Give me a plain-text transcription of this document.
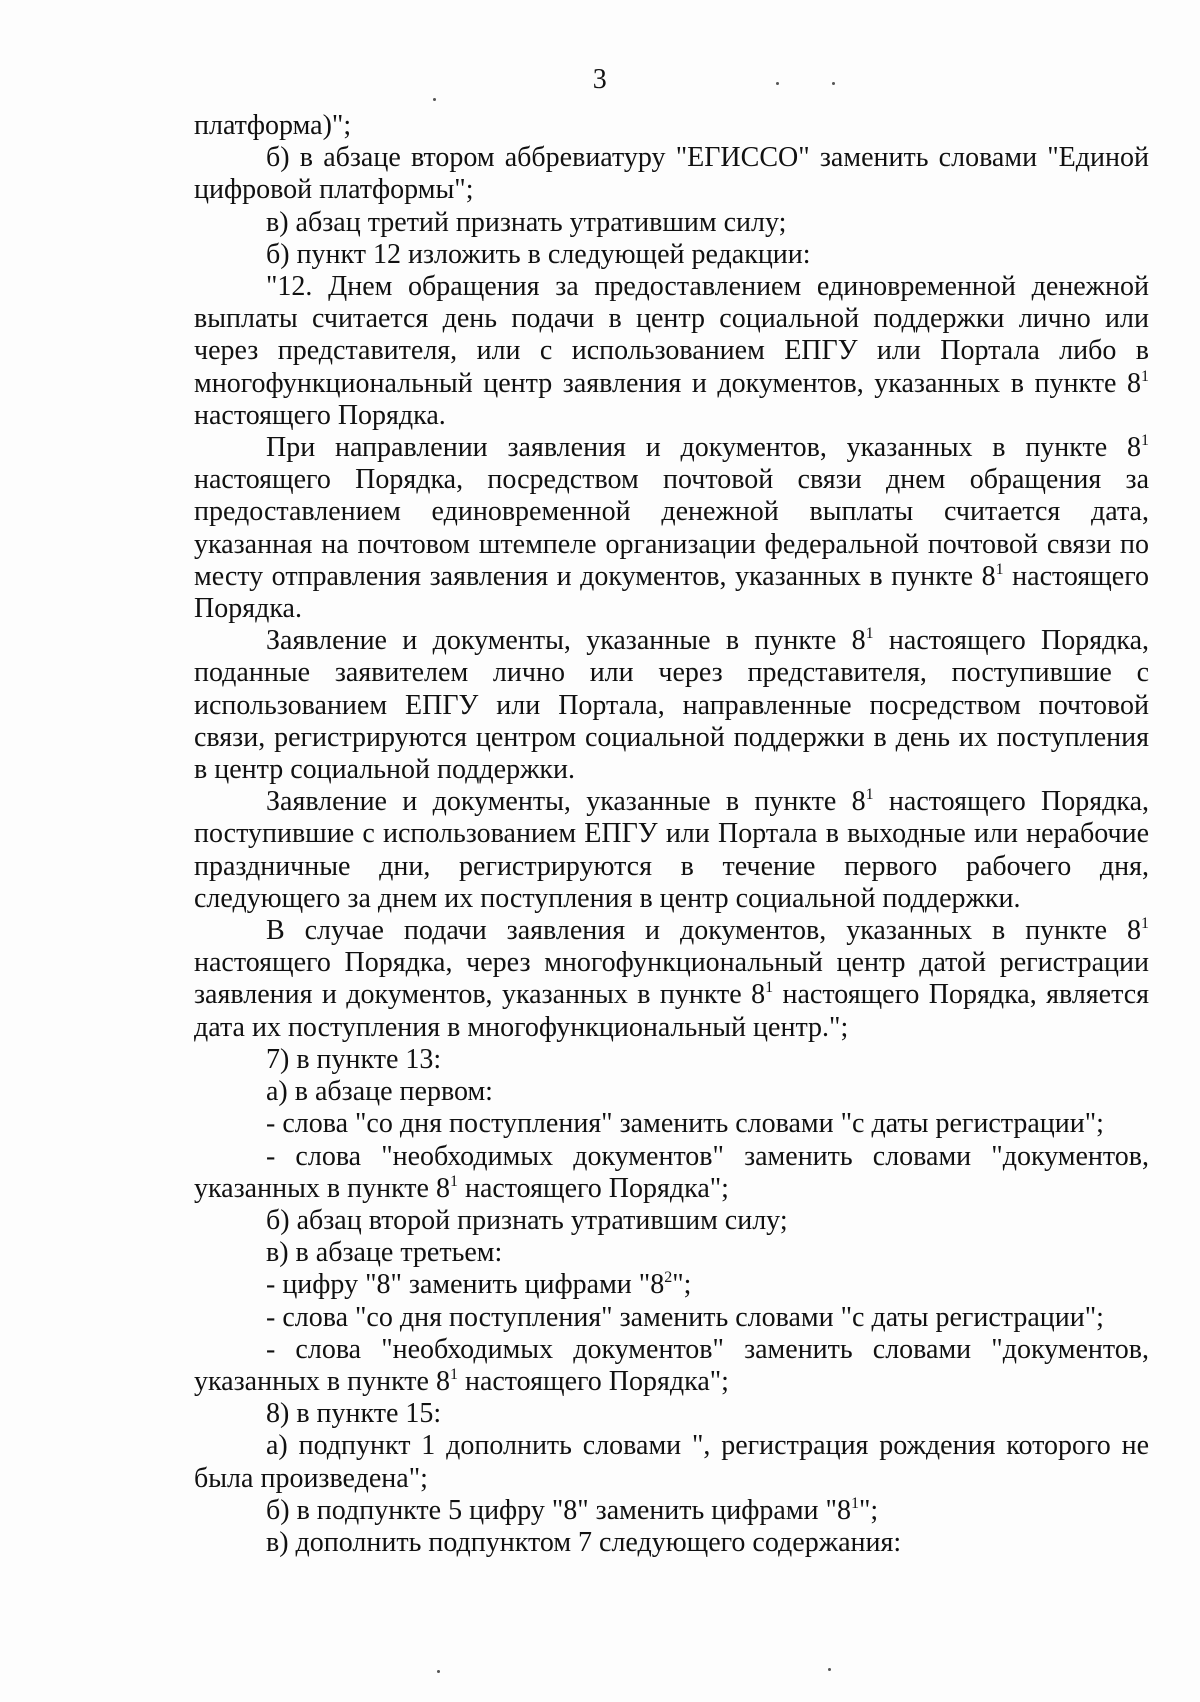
3

платформа)";

б) в абзаце втором аббревиатуру "ЕГИССО" заменить словами "Единой цифровой платформы";

в) абзац третий признать утратившим силу;

б) пункт 12 изложить в следующей редакции:

"12. Днем обращения за предоставлением единовременной денежной выплаты считается день подачи в центр социальной поддержки лично или через представителя, или с использованием ЕПГУ или Портала либо в многофункциональный центр заявления и документов, указанных в пункте $8^1$ настоящего Порядка.

При направлении заявления и документов, указанных в пункте $8^1$ настоящего Порядка, посредством почтовой связи днем обращения за предоставлением единовременной денежной выплаты считается дата, указанная на почтовом штемпеле организации федеральной почтовой связи по месту отправления заявления и документов, указанных в пункте $8^1$ настоящего Порядка.

Заявление и документы, указанные в пункте $8^1$ настоящего Порядка, поданные заявителем лично или через представителя, поступившие с использованием ЕПГУ или Портала, направленные посредством почтовой связи, регистрируются центром социальной поддержки в день их поступления в центр социальной поддержки.

Заявление и документы, указанные в пункте $8^1$ настоящего Порядка, поступившие с использованием ЕПГУ или Портала в выходные или нерабочие праздничные дни, регистрируются в течение первого рабочего дня, следующего за днем их поступления в центр социальной поддержки.

В случае подачи заявления и документов, указанных в пункте $8^1$ настоящего Порядка, через многофункциональный центр датой регистрации заявления и документов, указанных в пункте $8^1$ настоящего Порядка, является дата их поступления в многофункциональный центр.";

7) в пункте 13:

а) в абзаце первом:

- слова "со дня поступления" заменить словами "с даты регистрации";

- слова "необходимых документов" заменить словами "документов, указанных в пункте $8^1$ настоящего Порядка";

б) абзац второй признать утратившим силу;

в) в абзаце третьем:

- цифру "8" заменить цифрами "$8^2$";

- слова "со дня поступления" заменить словами "с даты регистрации";

- слова "необходимых документов" заменить словами "документов, указанных в пункте $8^1$ настоящего Порядка";

8) в пункте 15:

а) подпункт 1 дополнить словами ", регистрация рождения которого не была произведена";

б) в подпункте 5 цифру "8" заменить цифрами "$8^1$";

в) дополнить подпунктом 7 следующего содержания:
